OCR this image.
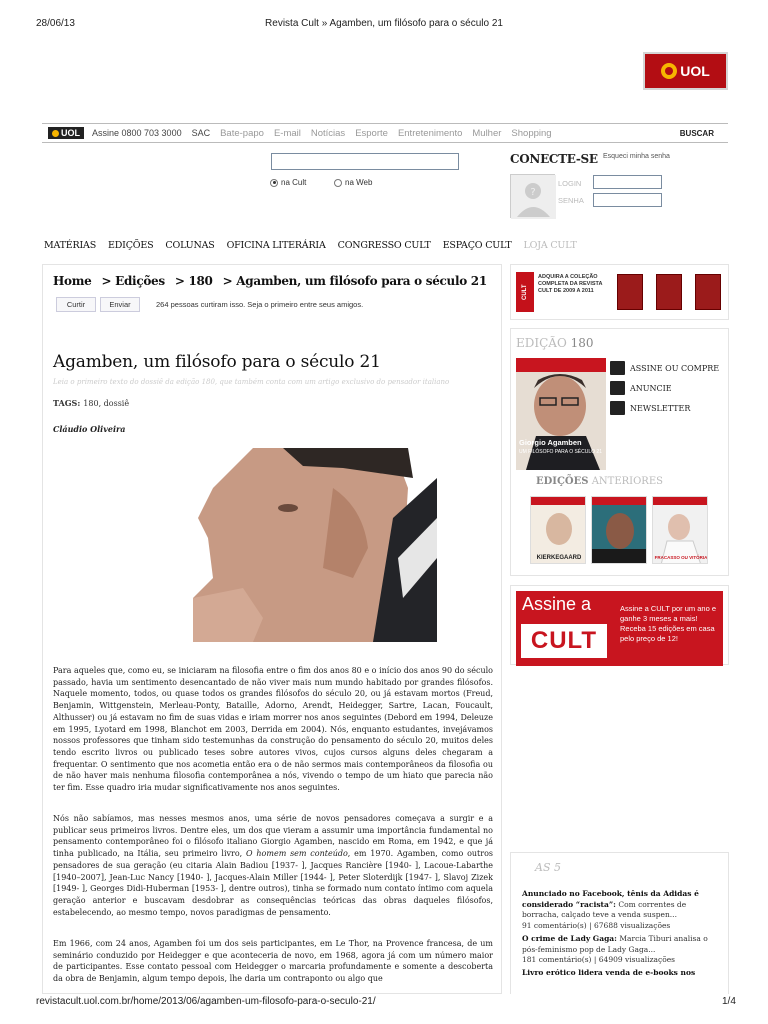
28/06/13	Revista Cult » Agamben, um filósofo para o século 21
UOL
UOL Assine 0800 703 3000 SAC Bate-papo E-mail Notícias Esporte Entretenimento Mulher Shopping	BUSCAR
na Cult	na Web
CONECTE-SE Esqueci minha senha
?
LOGIN
SENHA
MATÉRIAS EDIÇÕES COLUNAS OFICINA LITERÁRIA CONGRESSO CULT ESPAÇO CULT LOJA CULT
Home > Edições > 180 > Agamben, um filósofo para o século 21
Curtir	Enviar	264 pessoas curtiram isso. Seja o primeiro entre seus amigos.
Agamben, um filósofo para o século 21
Leia o primeiro texto do dossiê da edição 180, que também conta com um artigo exclusivo do pensador italiano
TAGS: 180, dossiê
Cláudio Oliveira
Para aqueles que, como eu, se iniciaram na filosofia entre o fim dos anos 80 e o início dos anos 90 do século passado, havia um sentimento desencantado de não viver mais num mundo habitado por grandes filósofos. Naquele momento, todos, ou quase todos os grandes filósofos do século 20, ou já estavam mortos (Freud, Benjamin, Wittgenstein, Merleau-Ponty, Bataille, Adorno, Arendt, Heidegger, Sartre, Lacan, Foucault, Althusser) ou já estavam no fim de suas vidas e iriam morrer nos anos seguintes (Debord em 1994, Deleuze em 1995, Lyotard em 1998, Blanchot em 2003, Derrida em 2004). Nós, enquanto estudantes, invejávamos nossos professores que tinham sido testemunhas da construção do pensamento do século 20, muitos deles tendo escrito livros ou publicado teses sobre autores vivos, cujos cursos alguns deles chegaram a frequentar. O sentimento que nos acometia então era o de não sermos mais contemporâneos da filosofia ou de não haver mais nenhuma filosofia contemporânea a nós, vivendo o tempo de um hiato que parecia não ter fim. Esse quadro iria mudar significativamente nos anos seguintes.
Nós não sabíamos, mas nesses mesmos anos, uma série de novos pensadores começava a surgir e a publicar seus primeiros livros. Dentre eles, um dos que vieram a assumir uma importância fundamental no pensamento contemporâneo foi o filósofo italiano Giorgio Agamben, nascido em Roma, em 1942, e que já tinha publicado, na Itália, seu primeiro livro, O homem sem conteúdo, em 1970. Agamben, como outros pensadores de sua geração (eu citaria Alain Badiou [1937- ], Jacques Rancière [1940- ], Lacoue-Labarthe [1940–2007], Jean-Luc Nancy [1940- ], Jacques-Alain Miller [1944- ], Peter Sloterdijk [1947- ], Slavoj Zizek [1949- ], Georges Didi-Huberman [1953- ], dentre outros), tinha se formado num contato íntimo com aquela geração anterior e buscavam desdobrar as consequências teóricas das obras daqueles filósofos, estabelecendo, ao mesmo tempo, novos paradigmas de pensamento.
Em 1966, com 24 anos, Agamben foi um dos seis participantes, em Le Thor, na Provence francesa, de um seminário conduzido por Heidegger e que aconteceria de novo, em 1968, agora já com um número maior de participantes. Esse contato pessoal com Heidegger o marcaria profundamente e somente a descoberta da obra de Benjamin, algum tempo depois, lhe daria um contraponto ou algo que
CULT
ADQUIRA A COLEÇÃO COMPLETA DA REVISTA CULT DE 2009 A 2011
EDIÇÃO 180
Giorgio Agamben
UM FILÓSOFO PARA O SÉCULO 21
ASSINE OU COMPRE
ANUNCIE
NEWSLETTER
EDIÇÕES ANTERIORES
KIERKEGAARD	FRACASSO OU VITÓRIA
Assine a
CULT
Assine a CULT por um ano e ganhe 3 meses a mais! Receba 15 edições em casa pelo preço de 12!
AS 5
Anunciado no Facebook, tênis da Adidas é considerado “racista”: Com correntes de borracha, calçado teve a venda suspen...
91 comentário(s) | 67688 visualizações
O crime de Lady Gaga: Marcia Tiburi analisa o pós-feminismo pop de Lady Gaga...
181 comentário(s) | 64909 visualizações
Livro erótico lidera venda de e-books nos
revistacult.uol.com.br/home/2013/06/agamben-um-filosofo-para-o-seculo-21/	1/4
